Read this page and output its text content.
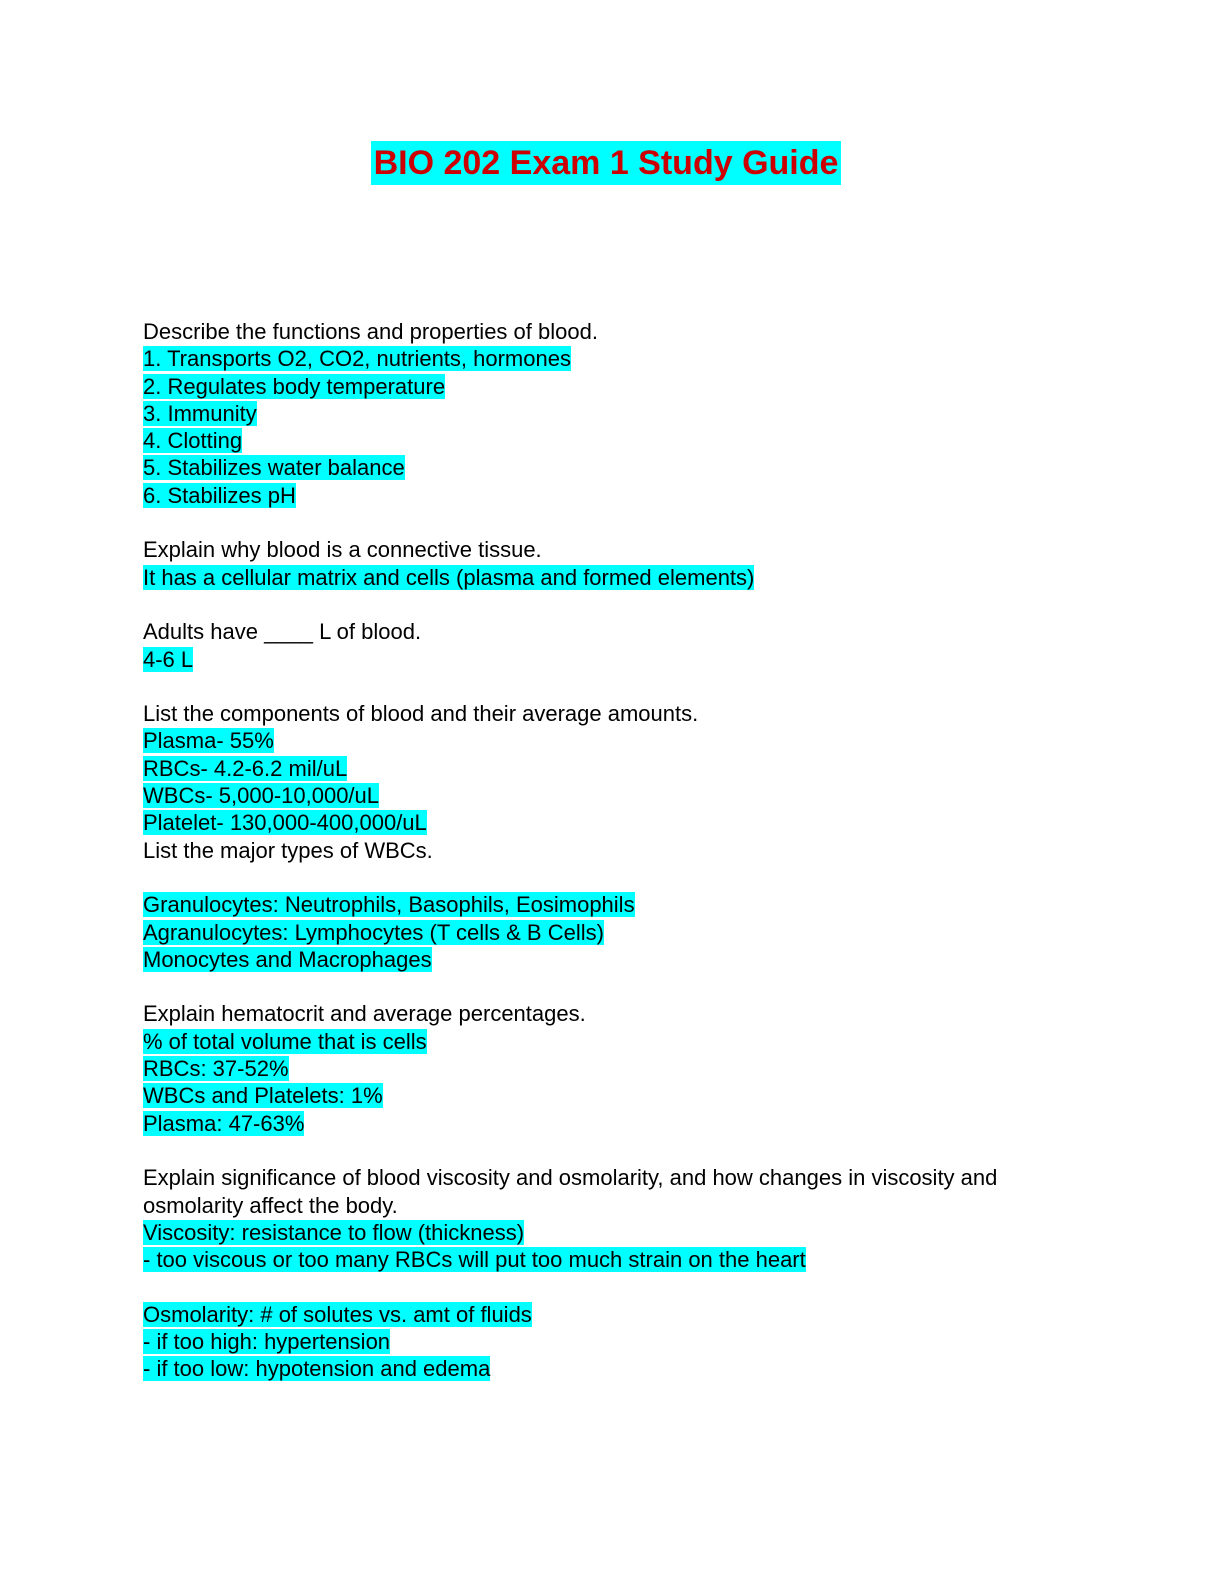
BIO 202 Exam 1 Study Guide
Describe the functions and properties of blood.
1. Transports O2, CO2, nutrients, hormones
2. Regulates body temperature
3. Immunity
4. Clotting
5. Stabilizes water balance
6. Stabilizes pH
Explain why blood is a connective tissue.
It has a cellular matrix and cells (plasma and formed elements)
Adults have ____ L of blood.
4-6 L
List the components of blood and their average amounts.
Plasma- 55%
RBCs- 4.2-6.2 mil/uL
WBCs- 5,000-10,000/uL
Platelet- 130,000-400,000/uL
List the major types of WBCs.
Granulocytes: Neutrophils, Basophils, Eosimophils
Agranulocytes: Lymphocytes (T cells & B Cells)
Monocytes and Macrophages
Explain hematocrit and average percentages.
% of total volume that is cells
RBCs: 37-52%
WBCs and Platelets: 1%
Plasma: 47-63%
Explain significance of blood viscosity and osmolarity, and how changes in viscosity and osmolarity affect the body.
Viscosity: resistance to flow (thickness)
- too viscous or too many RBCs will put too much strain on the heart
Osmolarity: # of solutes vs. amt of fluids
- if too high: hypertension
- if too low: hypotension and edema
